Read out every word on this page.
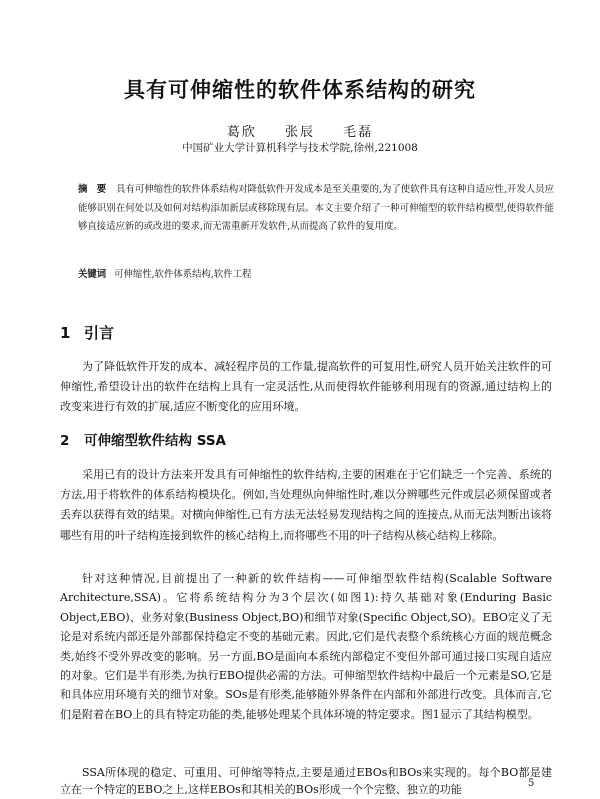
具有可伸缩性的软件体系结构的研究
葛欣 张辰 毛磊
中国矿业大学计算机科学与技术学院,徐州,221008

摘　要 具有可伸缩性的软件体系结构对降低软件开发成本是至关重要的,为了使软件具有这种自适应性,开发人员应能够识别在何处以及如何对结构添加新层或移除现有层。本文主要介绍了一种可伸缩型的软件结构模型,使得软件能够直接适应新的或改进的要求,而无需重新开发软件,从而提高了软件的复用度。

关键词 可伸缩性,软件体系结构,软件工程

1 引言

为了降低软件开发的成本、减轻程序员的工作量,提高软件的可复用性,研究人员开始关注软件的可伸缩性,希望设计出的软件在结构上具有一定灵活性,从而使得软件能够利用现有的资源,通过结构上的改变来进行有效的扩展,适应不断变化的应用环境。

2 可伸缩型软件结构 SSA

采用已有的设计方法来开发具有可伸缩性的软件结构,主要的困难在于它们缺乏一个完善、系统的方法,用于将软件的体系结构模块化。例如,当处理纵向伸缩性时,难以分辨哪些元件或层必须保留或者丢弃以获得有效的结果。对横向伸缩性,已有方法无法轻易发现结构之间的连接点,从而无法判断出该将哪些有用的叶子结构连接到软件的核心结构上,而将哪些不用的叶子结构从核心结构上移除。

针对这种情况,目前提出了一种新的软件结构——可伸缩型软件结构(Scalable Software Architecture,SSA)。它将系统结构分为3个层次(如图1):持久基础对象(Enduring Basic Object,EBO)、业务对象(Business Object,BO)和细节对象(Specific Object,SO)。EBO定义了无论是对系统内部还是外部都保持稳定不变的基础元素。因此,它们是代表整个系统核心方面的规范概念类,始终不受外界改变的影响。另一方面,BO是面向本系统内部稳定不变但外部可通过接口实现自适应的对象。它们是半有形类,为执行EBO提供必需的方法。可伸缩型软件结构中最后一个元素是SO,它是和具体应用环境有关的细节对象。SOs是有形类,能够随外界条件在内部和外部进行改变。具体而言,它们是附着在BO上的具有特定功能的类,能够处理某个具体环境的特定要求。图1显示了其结构模型。

SSA所体现的稳定、可重用、可伸缩等特点,主要是通过EBOs和BOs来实现的。每个BO都是建立在一个特定的EBO之上,这样EBOs和其相关的BOs形成一个个完整、独立的功能	5
